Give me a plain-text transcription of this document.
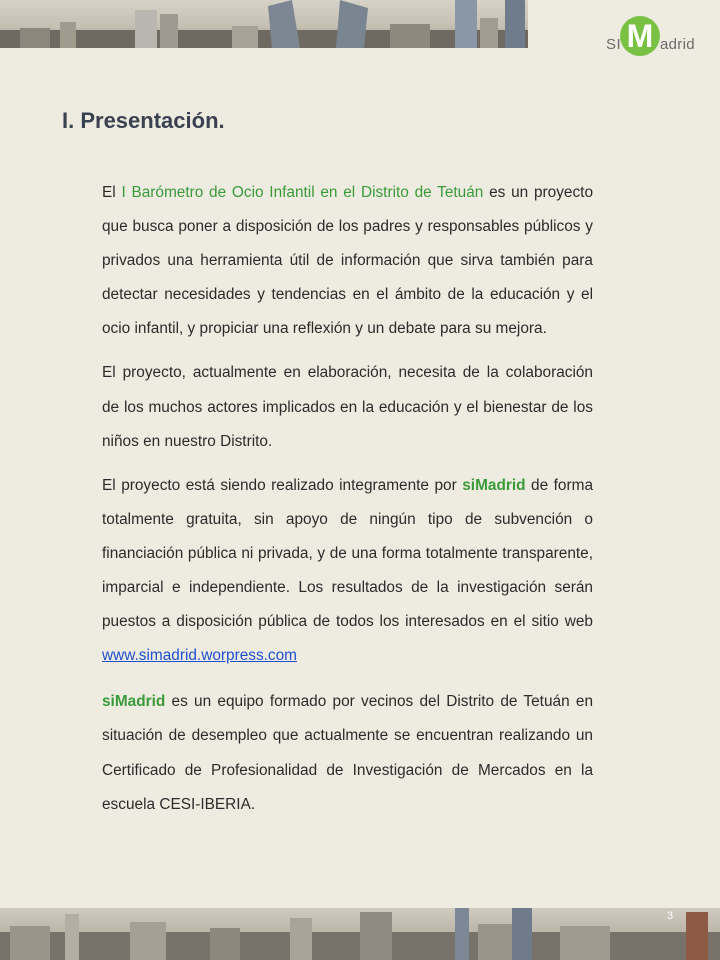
SI M adrid
I. Presentación.

El I Barómetro de Ocio Infantil en el Distrito de Tetuán es un proyecto que busca poner a disposición de los padres y responsables públicos y privados una herramienta útil de información que sirva también para detectar necesidades y tendencias en el ámbito de la educación y el ocio infantil, y propiciar una reflexión y un debate para su mejora.

El proyecto, actualmente en elaboración, necesita de la colaboración de los muchos actores implicados en la educación y el bienestar de los niños en nuestro Distrito.

El proyecto está siendo realizado integramente por siMadrid de forma totalmente gratuita, sin apoyo de ningún tipo de subvención o financiación pública ni privada, y de una forma totalmente transparente, imparcial e independiente. Los resultados de la investigación serán puestos a disposición pública de todos los interesados en el sitio web www.simadrid.worpress.com

siMadrid es un equipo formado por vecinos del Distrito de Tetuán en situación de desempleo que actualmente se encuentran realizando un Certificado de Profesionalidad de Investigación de Mercados en la escuela CESI-IBERIA.

3
